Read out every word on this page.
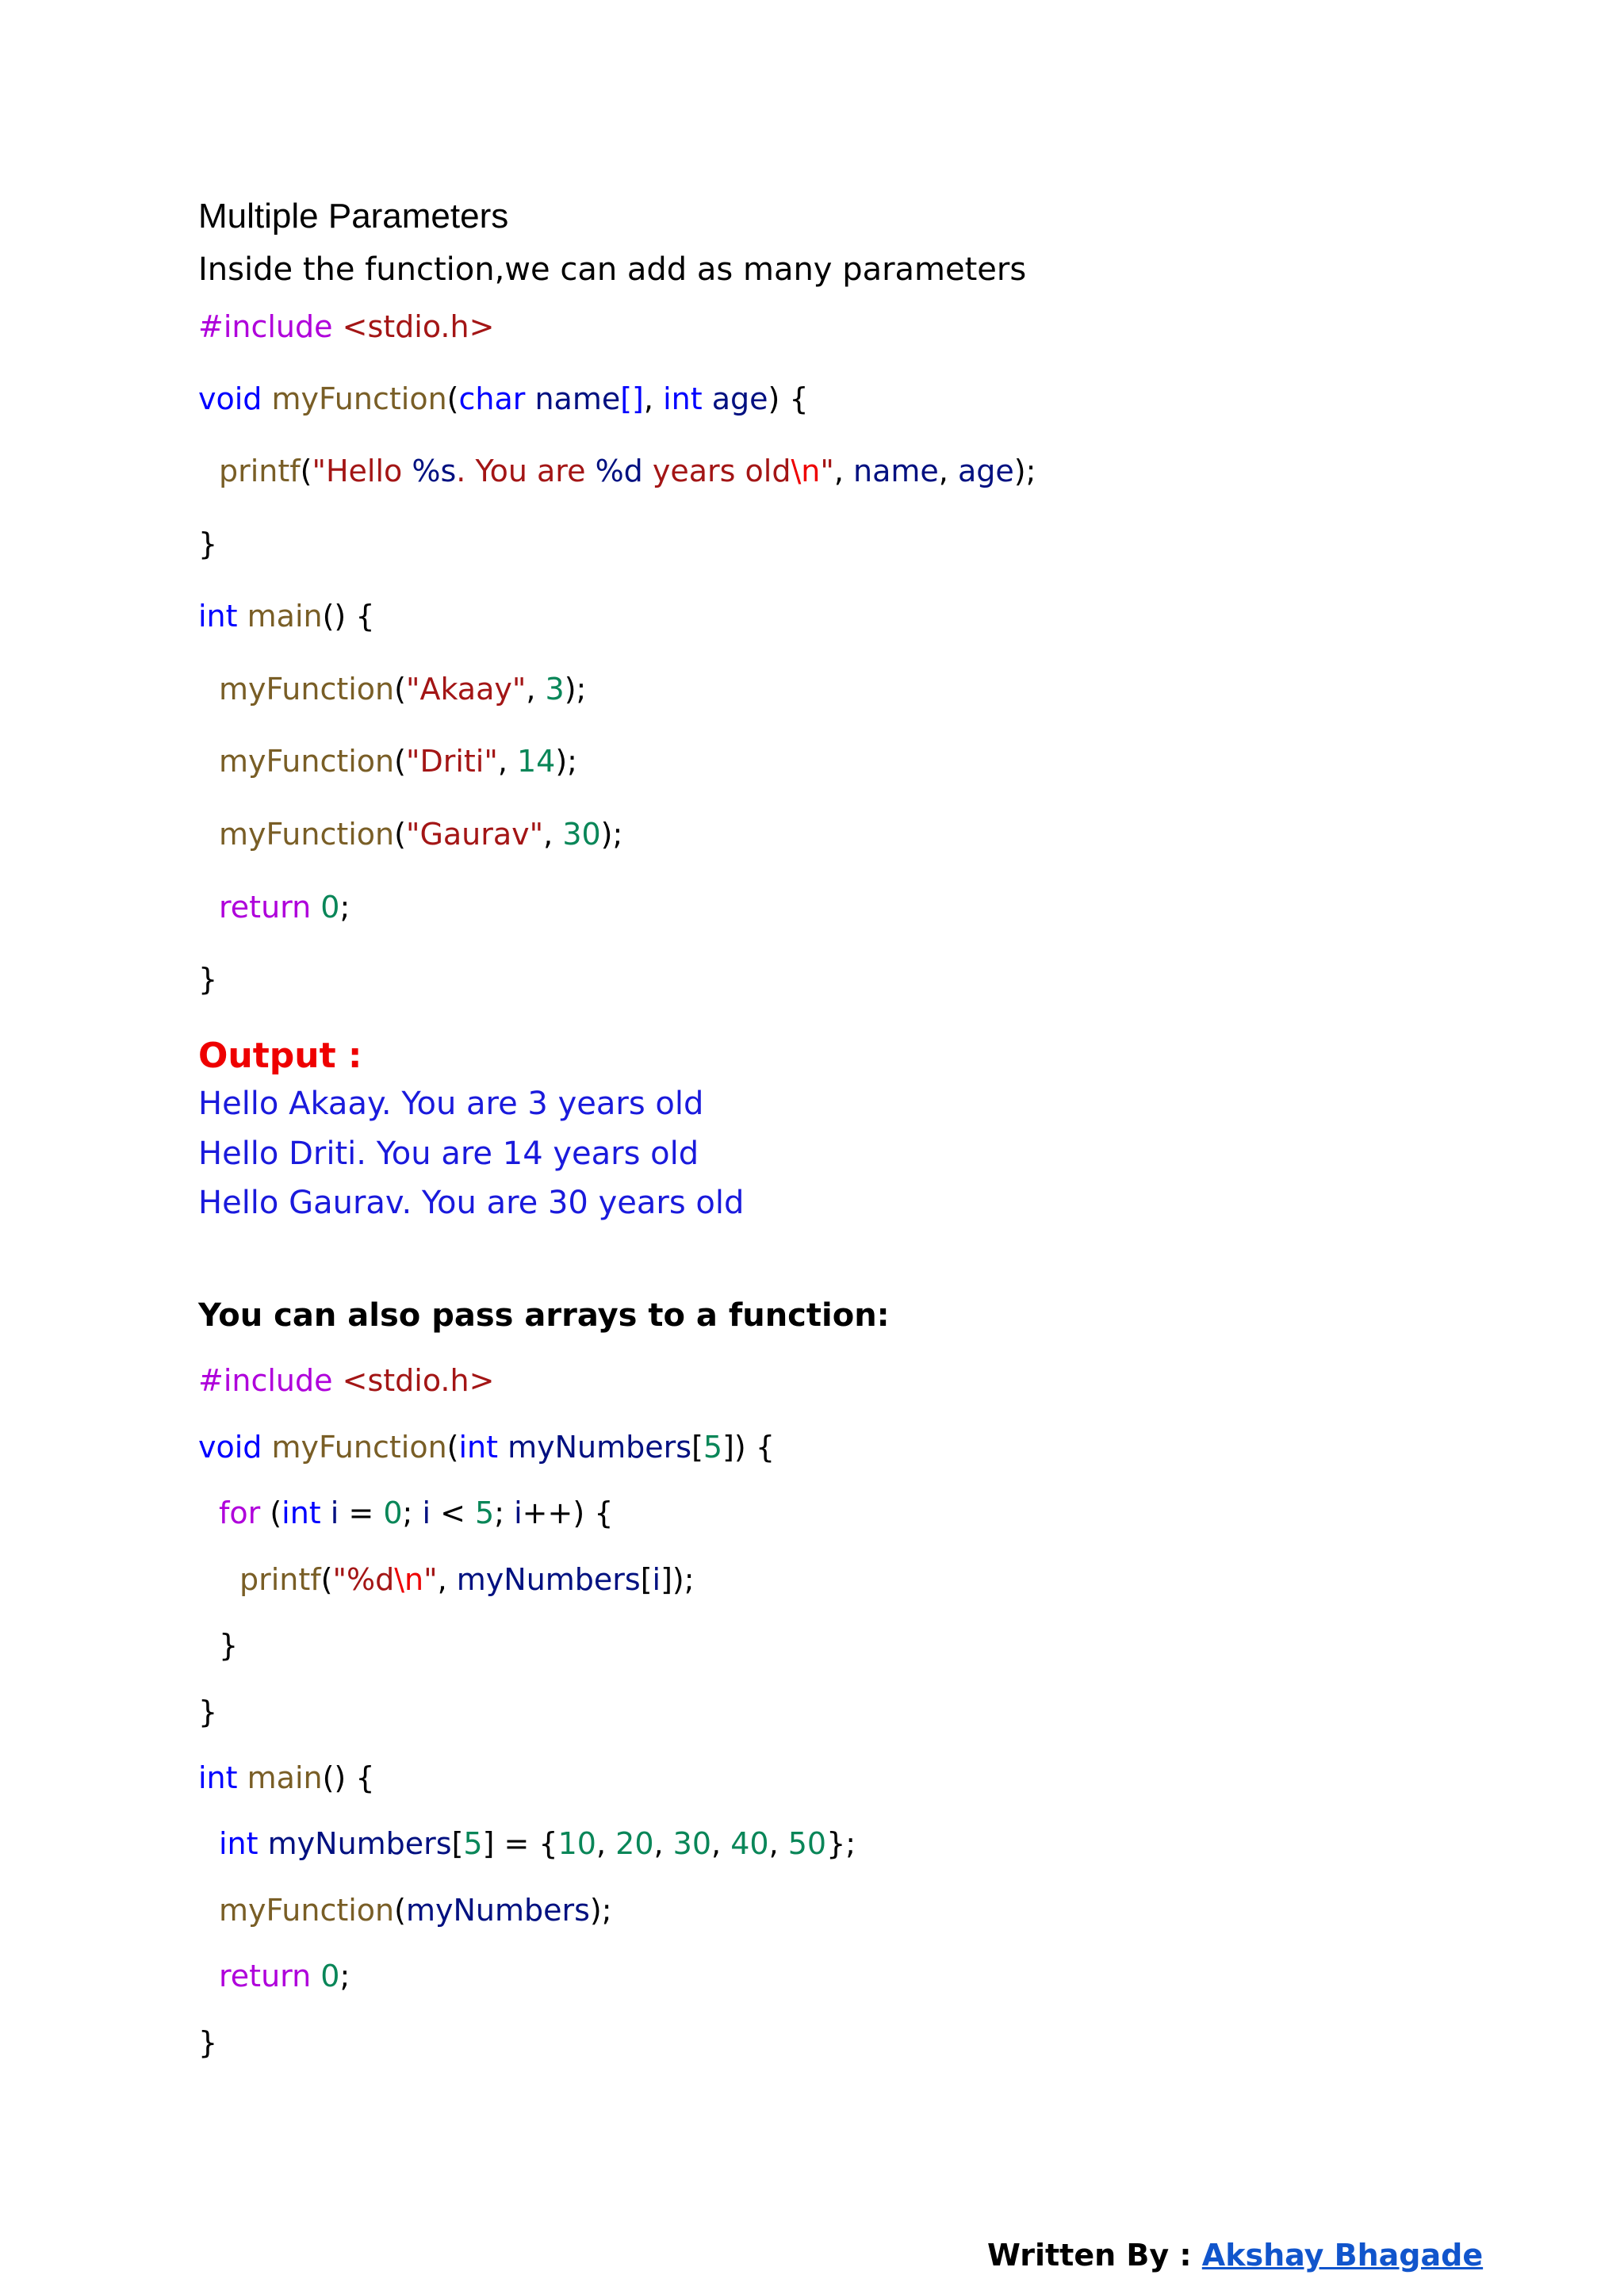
Multiple Parameters
Inside the function,we can add as many parameters
#include <stdio.h>
void myFunction(char name[], int age) {
printf("Hello %s. You are %d years old\n", name, age);
}
int main() {
myFunction("Akaay", 3);
myFunction("Driti", 14);
myFunction("Gaurav", 30);
return 0;
}
Output :
Hello Akaay. You are 3 years old
Hello Driti. You are 14 years old
Hello Gaurav. You are 30 years old
You can also pass arrays to a function:
#include <stdio.h>
void myFunction(int myNumbers[5]) {
for (int i = 0; i < 5; i++) {
printf("%d\n", myNumbers[i]);
}
}
int main() {
int myNumbers[5] = {10, 20, 30, 40, 50};
myFunction(myNumbers);
return 0;
}
Written By : Akshay Bhagade
